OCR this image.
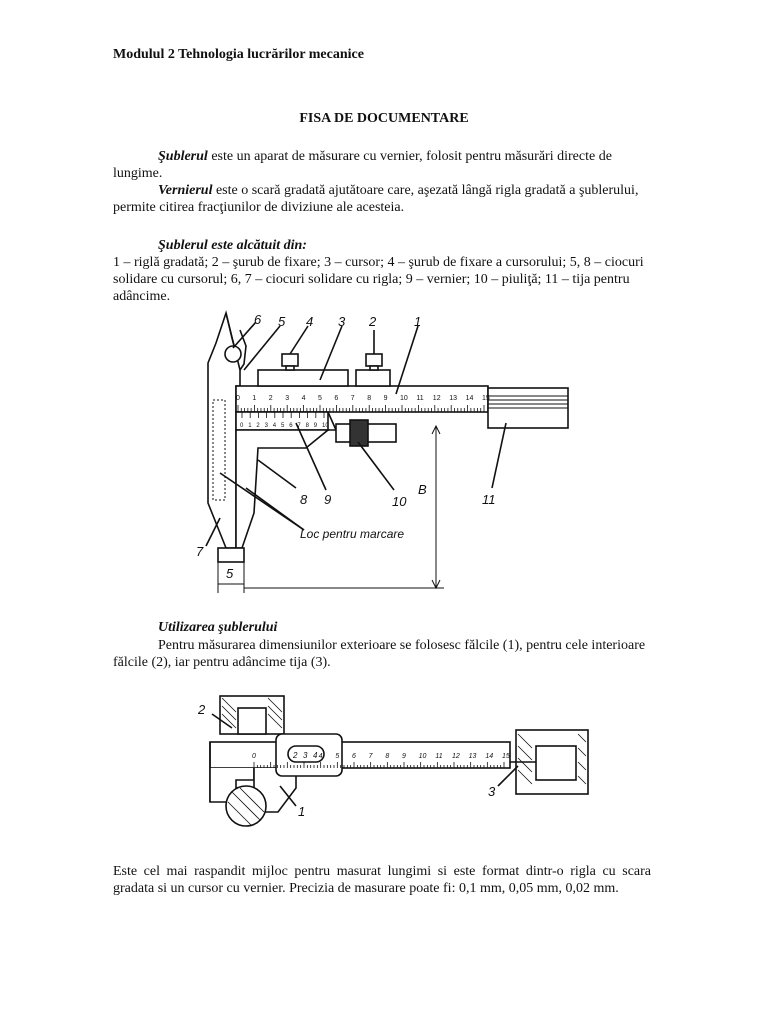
Modulul 2 Tehnologia lucrărilor mecanice
FISA DE DOCUMENTARE
Şublerul este un aparat de măsurare cu vernier, folosit pentru măsurări directe de lungime.
Vernierul este o scară gradată ajutătoare care, aşezată lângă rigla gradată a şublerului, permite citirea fracţiunilor de diviziune ale acesteia.
Şublerul este alcătuit din:
1 – riglă gradată; 2 – şurub de fixare; 3 – cursor; 4 – şurub de fixare a cursorului; 5, 8 – ciocuri solidare cu cursorul; 6, 7 – ciocuri solidare cu rigla; 9 – vernier; 10 – piuliţă; 11 – tija pentru adâncime.
0 1 2 3 4 5 6 7 8 9 10 11 12 13 14 15
0 1 2 3 4 5 6 7 8 9 10
6 5 4 3 2	1
7
8 9	10	11
5
B
Loc pentru marcare
Utilizarea şublerului
Pentru măsurarea dimensiunilor exterioare se folosesc fălcile (1), pentru cele interioare fălcile (2), iar pentru adâncime tija (3).
0	4 5 6 7 8 9 10 11 12 13 14 15
2 3 4
2
1
3
Este cel mai raspandit mijloc pentru masurat lungimi si este format dintr-o rigla cu scara gradata si un cursor cu vernier. Precizia de masurare poate fi: 0,1 mm, 0,05 mm, 0,02 mm.
